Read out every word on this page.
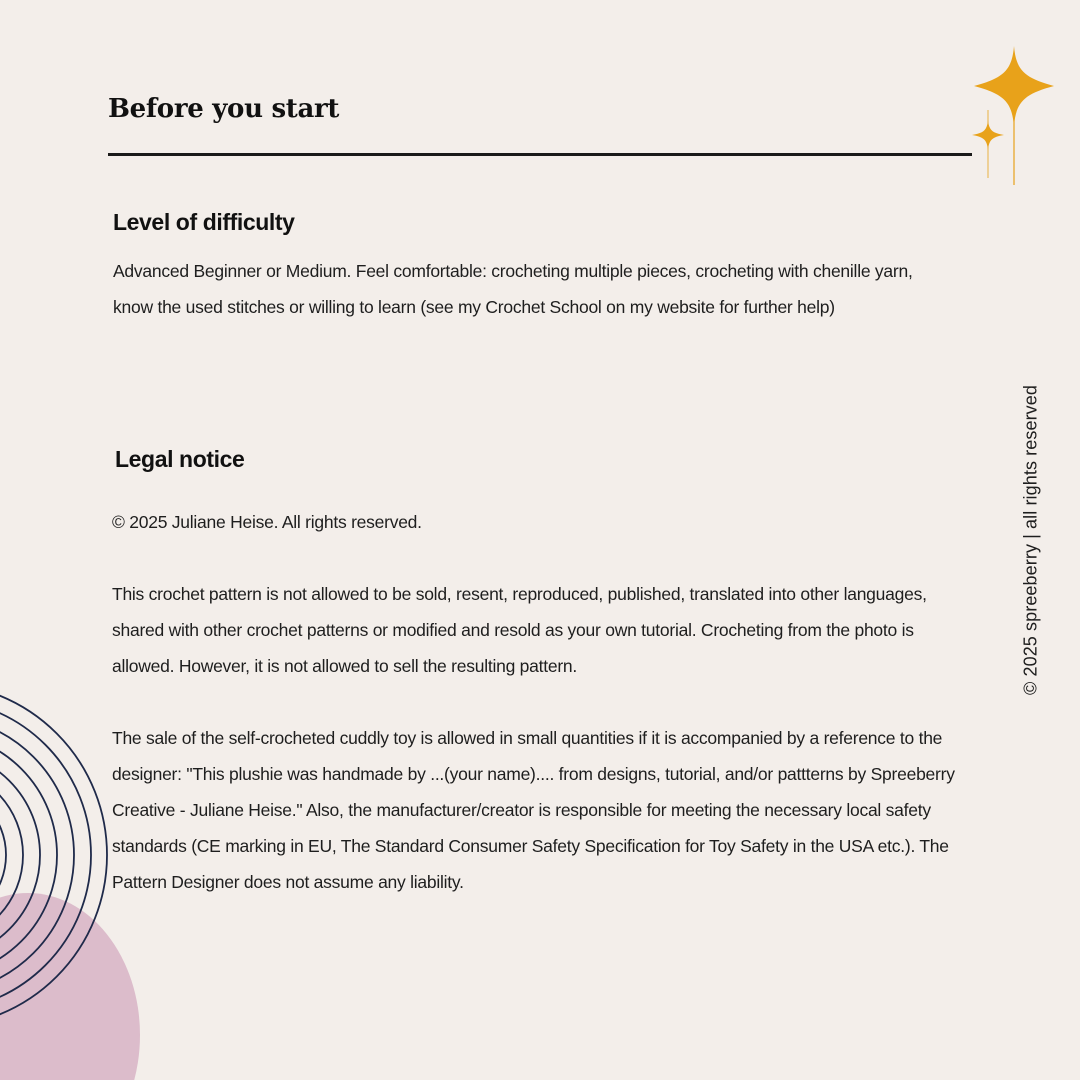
Before you start
Level of difficulty

Advanced Beginner or Medium. Feel comfortable: crocheting multiple pieces, crocheting with chenille yarn, know the used stitches or willing to learn (see my Crochet School on my website for further help)

Legal notice

© 2025 Juliane Heise. All rights reserved.

This crochet pattern is not allowed to be sold, resent, reproduced, published, translated into other languages, shared with other crochet patterns or modified and resold as your own tutorial. Crocheting from the photo is allowed. However, it is not allowed to sell the resulting pattern.

The sale of the self-crocheted cuddly toy is allowed in small quantities if it is accompanied by a reference to the designer: "This plushie was handmade by ...(your name).... from designs, tutorial, and/or pattterns by Spreeberry Creative - Juliane Heise." Also, the manufacturer/creator is responsible for meeting the necessary local safety standards (CE marking in EU, The Standard Consumer Safety Specification for Toy Safety in the USA etc.). The Pattern Designer does not assume any liability.

© 2025 spreeberry | all rights reserved
